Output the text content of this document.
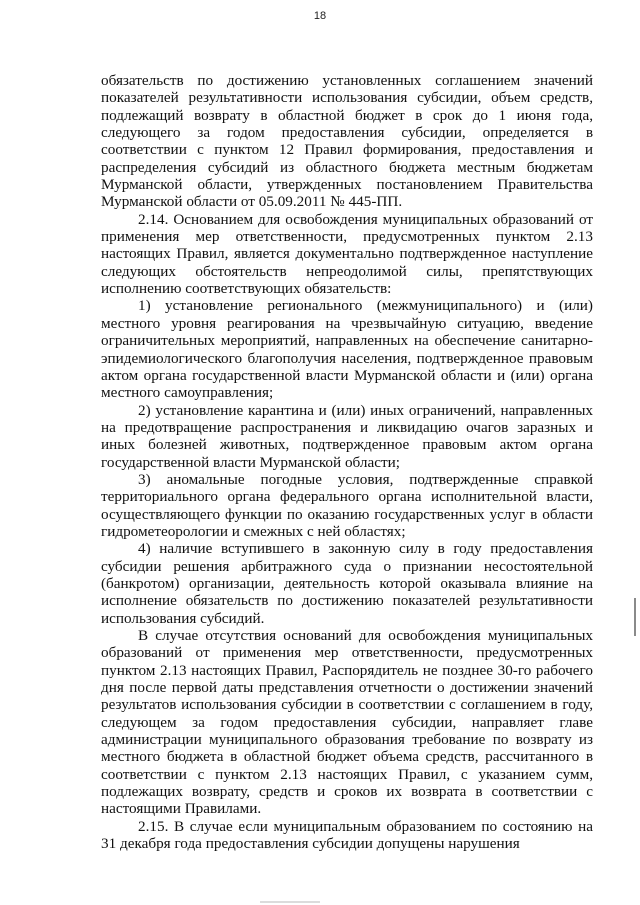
18

обязательств по достижению установленных соглашением значений показателей результативности использования субсидии, объем средств, подлежащий возврату в областной бюджет в срок до 1 июня года, следующего за годом предоставления субсидии, определяется в соответствии с пунктом 12 Правил формирования, предоставления и распределения субсидий из областного бюджета местным бюджетам Мурманской области, утвержденных постановлением Правительства Мурманской области от 05.09.2011 № 445-ПП.

2.14. Основанием для освобождения муниципальных образований от применения мер ответственности, предусмотренных пунктом 2.13 настоящих Правил, является документально подтвержденное наступление следующих обстоятельств непреодолимой силы, препятствующих исполнению соответствующих обязательств:

1) установление регионального (межмуниципального) и (или) местного уровня реагирования на чрезвычайную ситуацию, введение ограничительных мероприятий, направленных на обеспечение санитарно-эпидемиологического благополучия населения, подтвержденное правовым актом органа государственной власти Мурманской области и (или) органа местного самоуправления;

2) установление карантина и (или) иных ограничений, направленных на предотвращение распространения и ликвидацию очагов заразных и иных болезней животных, подтвержденное правовым актом органа государственной власти Мурманской области;

3) аномальные погодные условия, подтвержденные справкой территориального органа федерального органа исполнительной власти, осуществляющего функции по оказанию государственных услуг в области гидрометеорологии и смежных с ней областях;

4) наличие вступившего в законную силу в году предоставления субсидии решения арбитражного суда о признании несостоятельной (банкротом) организации, деятельность которой оказывала влияние на исполнение обязательств по достижению показателей результативности использования субсидий.

В случае отсутствия оснований для освобождения муниципальных образований от применения мер ответственности, предусмотренных пунктом 2.13 настоящих Правил, Распорядитель не позднее 30-го рабочего дня после первой даты представления отчетности о достижении значений результатов использования субсидии в соответствии с соглашением в году, следующем за годом предоставления субсидии, направляет главе администрации муниципального образования требование по возврату из местного бюджета в областной бюджет объема средств, рассчитанного в соответствии с пунктом 2.13 настоящих Правил, с указанием сумм, подлежащих возврату, средств и сроков их возврата в соответствии с настоящими Правилами.

2.15. В случае если муниципальным образованием по состоянию на 31 декабря года предоставления субсидии допущены нарушения
